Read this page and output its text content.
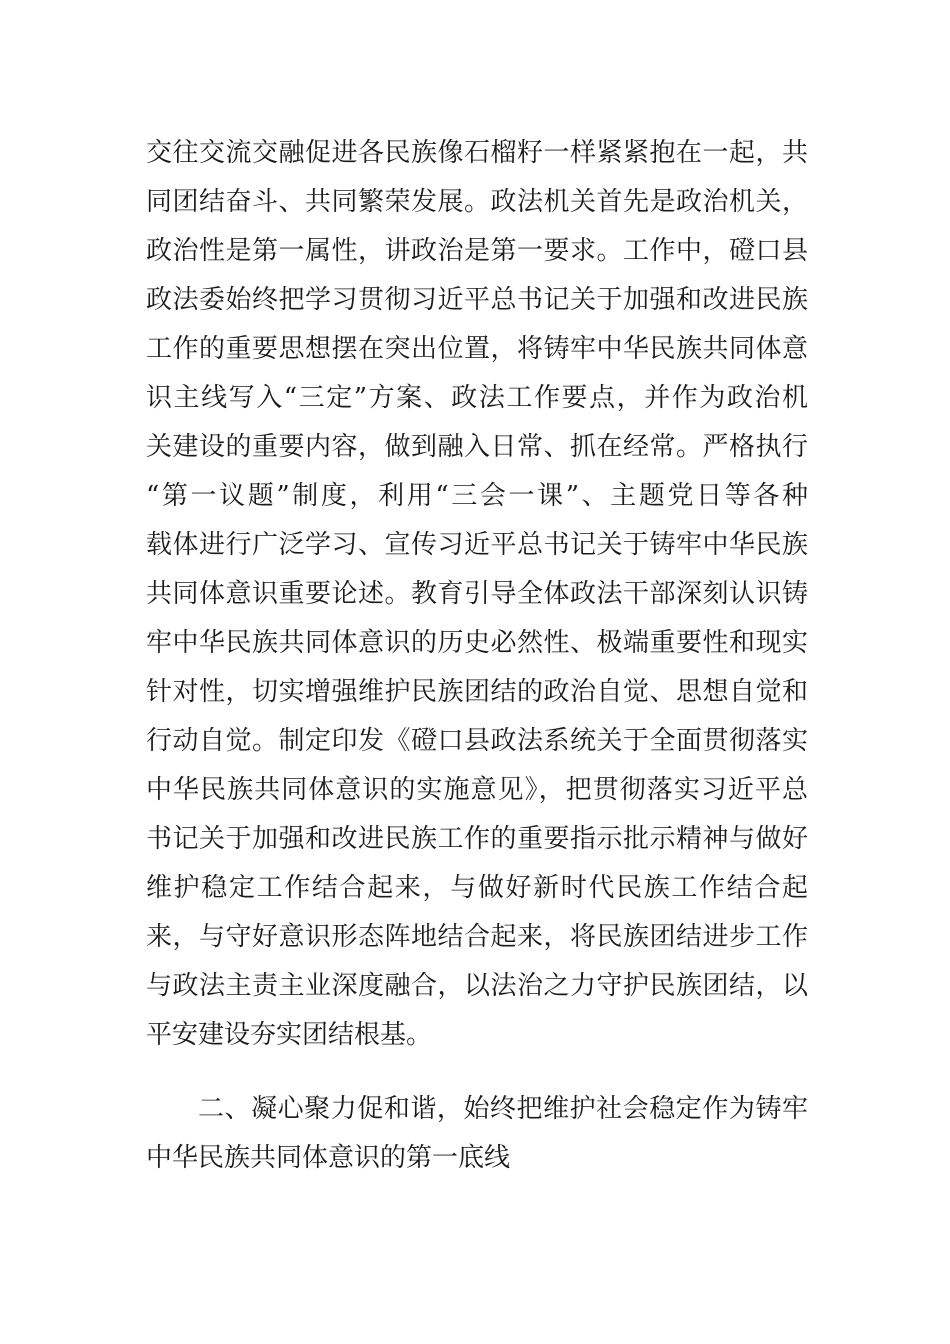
交往交流交融促进各民族像石榴籽一样紧紧抱在一起，共

同团结奋斗、共同繁荣发展。政法机关首先是政治机关，

政治性是第一属性，讲政治是第一要求。工作中，磴口县

政法委始终把学习贯彻习近平总书记关于加强和改进民族

工作的重要思想摆在突出位置，将铸牢中华民族共同体意

识主线写入“三定”方案、政法工作要点，并作为政治机

关建设的重要内容，做到融入日常、抓在经常。严格执行

“第一议题”制度，利用“三会一课”、主题党日等各种

载体进行广泛学习、宣传习近平总书记关于铸牢中华民族

共同体意识重要论述。教育引导全体政法干部深刻认识铸

牢中华民族共同体意识的历史必然性、极端重要性和现实

针对性，切实增强维护民族团结的政治自觉、思想自觉和

行动自觉。制定印发《磴口县政法系统关于全面贯彻落实

中华民族共同体意识的实施意见》，把贯彻落实习近平总

书记关于加强和改进民族工作的重要指示批示精神与做好

维护稳定工作结合起来，与做好新时代民族工作结合起

来，与守好意识形态阵地结合起来，将民族团结进步工作

与政法主责主业深度融合，以法治之力守护民族团结，以

平安建设夯实团结根基。

二、凝心聚力促和谐，始终把维护社会稳定作为铸牢

中华民族共同体意识的第一底线
